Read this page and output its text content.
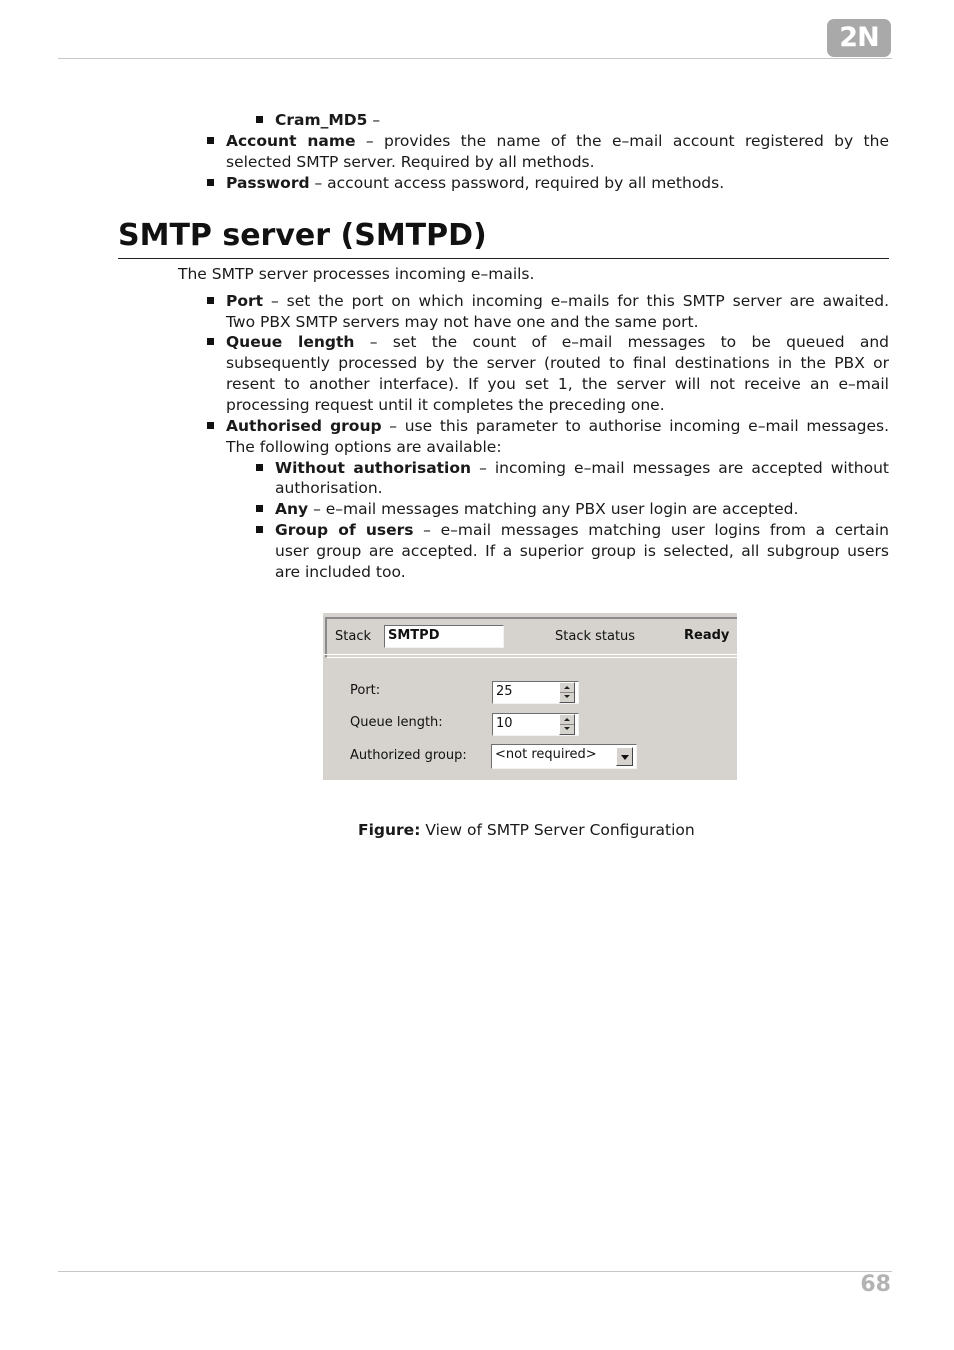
2N
Cram_MD5 –
Account name – provides the name of the e–mail account registered by the
selected SMTP server. Required by all methods.
Password – account access password, required by all methods.
SMTP server (SMTPD)
The SMTP server processes incoming e–mails.
Port – set the port on which incoming e–mails for this SMTP server are awaited.
Two PBX SMTP servers may not have one and the same port.
Queue length – set the count of e–mail messages to be queued and
subsequently processed by the server (routed to final destinations in the PBX or
resent to another interface). If you set 1, the server will not receive an e–mail
processing request until it completes the preceding one.
Authorised group – use this parameter to authorise incoming e–mail messages.
The following options are available:
Without authorisation – incoming e–mail messages are accepted without
authorisation.
Any – e–mail messages matching any PBX user login are accepted.
Group of users – e–mail messages matching user logins from a certain
user group are accepted. If a superior group is selected, all subgroup users
are included too.
Stack	SMTPD	Stack status	Ready
Port:	25
Queue length:	10
Authorized group:	<not required>
Figure: View of SMTP Server Configuration
68
